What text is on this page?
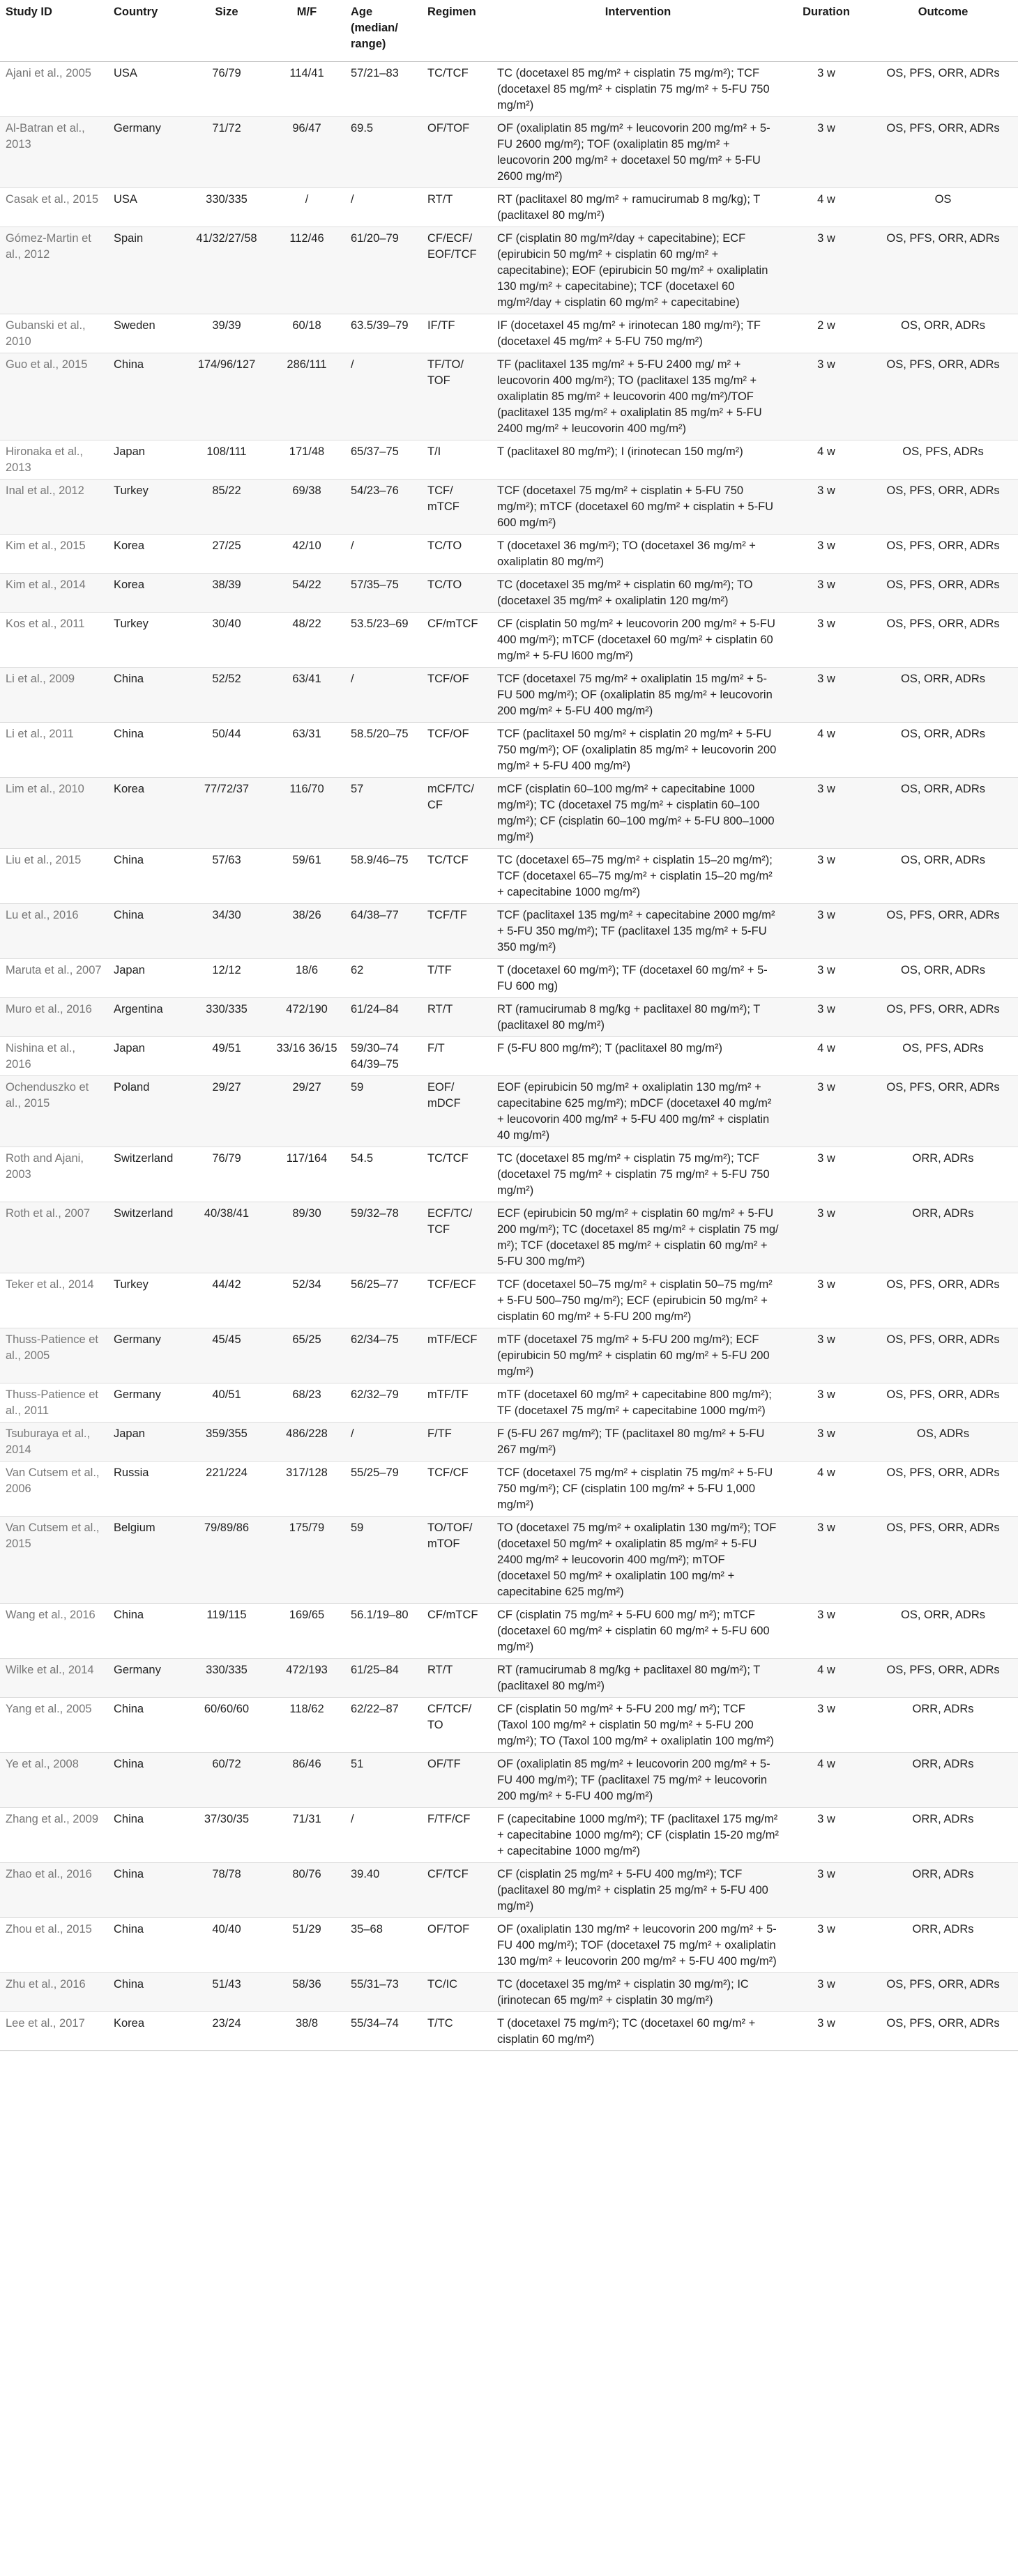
Study ID	Country	Size	M/F	Age (median/ range)	Regimen	Intervention	Duration	Outcome
Ajani et al., 2005	USA	76/79	114/41	57/21–83	TC/TCF	TC (docetaxel 85 mg/m² + cisplatin 75 mg/m²); TCF (docetaxel 85 mg/m² + cisplatin 75 mg/m² + 5-FU 750 mg/m²)	3 w	OS, PFS, ORR, ADRs
Al-Batran et al., 2013	Germany	71/72	96/47	69.5	OF/TOF	OF (oxaliplatin 85 mg/m² + leucovorin 200 mg/m² + 5-FU 2600 mg/m²); TOF (oxaliplatin 85 mg/m² + leucovorin 200 mg/m² + docetaxel 50 mg/m² + 5-FU 2600 mg/m²)	3 w	OS, PFS, ORR, ADRs
Casak et al., 2015	USA	330/335	/	/	RT/T	RT (paclitaxel 80 mg/m² + ramucirumab 8 mg/kg); T (paclitaxel 80 mg/m²)	4 w	OS
Gómez-Martin et al., 2012	Spain	41/32/27/58	112/46	61/20–79	CF/ECF/ EOF/TCF	CF (cisplatin 80 mg/m²/day + capecitabine); ECF (epirubicin 50 mg/m² + cisplatin 60 mg/m² + capecitabine); EOF (epirubicin 50 mg/m² + oxaliplatin 130 mg/m² + capecitabine); TCF (docetaxel 60 mg/m²/day + cisplatin 60 mg/m² + capecitabine)	3 w	OS, PFS, ORR, ADRs
Gubanski et al., 2010	Sweden	39/39	60/18	63.5/39–79	IF/TF	IF (docetaxel 45 mg/m² + irinotecan 180 mg/m²); TF (docetaxel 45 mg/m² + 5-FU 750 mg/m²)	2 w	OS, ORR, ADRs
Guo et al., 2015	China	174/96/127	286/111	/	TF/TO/ TOF	TF (paclitaxel 135 mg/m² + 5-FU 2400 mg/ m² + leucovorin 400 mg/m²); TO (paclitaxel 135 mg/m² + oxaliplatin 85 mg/m² + leucovorin 400 mg/m²)/TOF (paclitaxel 135 mg/m² + oxaliplatin 85 mg/m² + 5-FU 2400 mg/m² + leucovorin 400 mg/m²)	3 w	OS, PFS, ORR, ADRs
Hironaka et al., 2013	Japan	108/111	171/48	65/37–75	T/I	T (paclitaxel 80 mg/m²); I (irinotecan 150 mg/m²)	4 w	OS, PFS, ADRs
Inal et al., 2012	Turkey	85/22	69/38	54/23–76	TCF/ mTCF	TCF (docetaxel 75 mg/m² + cisplatin + 5-FU 750 mg/m²); mTCF (docetaxel 60 mg/m² + cisplatin + 5-FU 600 mg/m²)	3 w	OS, PFS, ORR, ADRs
Kim et al., 2015	Korea	27/25	42/10	/	TC/TO	T (docetaxel 36 mg/m²); TO (docetaxel 36 mg/m² + oxaliplatin 80 mg/m²)	3 w	OS, PFS, ORR, ADRs
Kim et al., 2014	Korea	38/39	54/22	57/35–75	TC/TO	TC (docetaxel 35 mg/m² + cisplatin 60 mg/m²); TO (docetaxel 35 mg/m² + oxaliplatin 120 mg/m²)	3 w	OS, PFS, ORR, ADRs
Kos et al., 2011	Turkey	30/40	48/22	53.5/23–69	CF/mTCF	CF (cisplatin 50 mg/m² + leucovorin 200 mg/m² + 5-FU 400 mg/m²); mTCF (docetaxel 60 mg/m² + cisplatin 60 mg/m² + 5-FU l600 mg/m²)	3 w	OS, PFS, ORR, ADRs
Li et al., 2009	China	52/52	63/41	/	TCF/OF	TCF (docetaxel 75 mg/m² + oxaliplatin 15 mg/m² + 5-FU 500 mg/m²); OF (oxaliplatin 85 mg/m² + leucovorin 200 mg/m² + 5-FU 400 mg/m²)	3 w	OS, ORR, ADRs
Li et al., 2011	China	50/44	63/31	58.5/20–75	TCF/OF	TCF (paclitaxel 50 mg/m² + cisplatin 20 mg/m² + 5-FU 750 mg/m²); OF (oxaliplatin 85 mg/m² + leucovorin 200 mg/m² + 5-FU 400 mg/m²)	4 w	OS, ORR, ADRs
Lim et al., 2010	Korea	77/72/37	116/70	57	mCF/TC/ CF	mCF (cisplatin 60–100 mg/m² + capecitabine 1000 mg/m²); TC (docetaxel 75 mg/m² + cisplatin 60–100 mg/m²); CF (cisplatin 60–100 mg/m² + 5-FU 800–1000 mg/m²)	3 w	OS, ORR, ADRs
Liu et al., 2015	China	57/63	59/61	58.9/46–75	TC/TCF	TC (docetaxel 65–75 mg/m² + cisplatin 15–20 mg/m²); TCF (docetaxel 65–75 mg/m² + cisplatin 15–20 mg/m² + capecitabine 1000 mg/m²)	3 w	OS, ORR, ADRs
Lu et al., 2016	China	34/30	38/26	64/38–77	TCF/TF	TCF (paclitaxel 135 mg/m² + capecitabine 2000 mg/m² + 5-FU 350 mg/m²); TF (paclitaxel 135 mg/m² + 5-FU 350 mg/m²)	3 w	OS, PFS, ORR, ADRs
Maruta et al., 2007	Japan	12/12	18/6	62	T/TF	T (docetaxel 60 mg/m²); TF (docetaxel 60 mg/m² + 5-FU 600 mg)	3 w	OS, ORR, ADRs
Muro et al., 2016	Argentina	330/335	472/190	61/24–84	RT/T	RT (ramucirumab 8 mg/kg + paclitaxel 80 mg/m²); T (paclitaxel 80 mg/m²)	3 w	OS, PFS, ORR, ADRs
Nishina et al., 2016	Japan	49/51	33/16 36/15	59/30–74 64/39–75	F/T	F (5-FU 800 mg/m²); T (paclitaxel 80 mg/m²)	4 w	OS, PFS, ADRs
Ochenduszko et al., 2015	Poland	29/27	29/27	59	EOF/ mDCF	EOF (epirubicin 50 mg/m² + oxaliplatin 130 mg/m² + capecitabine 625 mg/m²); mDCF (docetaxel 40 mg/m² + leucovorin 400 mg/m² + 5-FU 400 mg/m² + cisplatin 40 mg/m²)	3 w	OS, PFS, ORR, ADRs
Roth and Ajani, 2003	Switzerland	76/79	117/164	54.5	TC/TCF	TC (docetaxel 85 mg/m² + cisplatin 75 mg/m²); TCF (docetaxel 75 mg/m² + cisplatin 75 mg/m² + 5-FU 750 mg/m²)	3 w	ORR, ADRs
Roth et al., 2007	Switzerland	40/38/41	89/30	59/32–78	ECF/TC/ TCF	ECF (epirubicin 50 mg/m² + cisplatin 60 mg/m² + 5-FU 200 mg/m²); TC (docetaxel 85 mg/m² + cisplatin 75 mg/ m²); TCF (docetaxel 85 mg/m² + cisplatin 60 mg/m² + 5-FU 300 mg/m²)	3 w	ORR, ADRs
Teker et al., 2014	Turkey	44/42	52/34	56/25–77	TCF/ECF	TCF (docetaxel 50–75 mg/m² + cisplatin 50–75 mg/m² + 5-FU 500–750 mg/m²); ECF (epirubicin 50 mg/m² + cisplatin 60 mg/m² + 5-FU 200 mg/m²)	3 w	OS, PFS, ORR, ADRs
Thuss-Patience et al., 2005	Germany	45/45	65/25	62/34–75	mTF/ECF	mTF (docetaxel 75 mg/m² + 5-FU 200 mg/m²); ECF (epirubicin 50 mg/m² + cisplatin 60 mg/m² + 5-FU 200 mg/m²)	3 w	OS, PFS, ORR, ADRs
Thuss-Patience et al., 2011	Germany	40/51	68/23	62/32–79	mTF/TF	mTF (docetaxel 60 mg/m² + capecitabine 800 mg/m²); TF (docetaxel 75 mg/m² + capecitabine 1000 mg/m²)	3 w	OS, PFS, ORR, ADRs
Tsuburaya et al., 2014	Japan	359/355	486/228	/	F/TF	F (5-FU 267 mg/m²); TF (paclitaxel 80 mg/m² + 5-FU 267 mg/m²)	3 w	OS, ADRs
Van Cutsem et al., 2006	Russia	221/224	317/128	55/25–79	TCF/CF	TCF (docetaxel 75 mg/m² + cisplatin 75 mg/m² + 5-FU 750 mg/m²); CF (cisplatin 100 mg/m² + 5-FU 1,000 mg/m²)	4 w	OS, PFS, ORR, ADRs
Van Cutsem et al., 2015	Belgium	79/89/86	175/79	59	TO/TOF/ mTOF	TO (docetaxel 75 mg/m² + oxaliplatin 130 mg/m²); TOF (docetaxel 50 mg/m² + oxaliplatin 85 mg/m² + 5-FU 2400 mg/m² + leucovorin 400 mg/m²); mTOF (docetaxel 50 mg/m² + oxaliplatin 100 mg/m² + capecitabine 625 mg/m²)	3 w	OS, PFS, ORR, ADRs
Wang et al., 2016	China	119/115	169/65	56.1/19–80	CF/mTCF	CF (cisplatin 75 mg/m² + 5-FU 600 mg/ m²); mTCF (docetaxel 60 mg/m² + cisplatin 60 mg/m² + 5-FU 600 mg/m²)	3 w	OS, ORR, ADRs
Wilke et al., 2014	Germany	330/335	472/193	61/25–84	RT/T	RT (ramucirumab 8 mg/kg + paclitaxel 80 mg/m²); T (paclitaxel 80 mg/m²)	4 w	OS, PFS, ORR, ADRs
Yang et al., 2005	China	60/60/60	118/62	62/22–87	CF/TCF/ TO	CF (cisplatin 50 mg/m² + 5-FU 200 mg/ m²); TCF (Taxol 100 mg/m² + cisplatin 50 mg/m² + 5-FU 200 mg/m²); TO (Taxol 100 mg/m² + oxaliplatin 100 mg/m²)	3 w	ORR, ADRs
Ye et al., 2008	China	60/72	86/46	51	OF/TF	OF (oxaliplatin 85 mg/m² + leucovorin 200 mg/m² + 5-FU 400 mg/m²); TF (paclitaxel 75 mg/m² + leucovorin 200 mg/m² + 5-FU 400 mg/m²)	4 w	ORR, ADRs
Zhang et al., 2009	China	37/30/35	71/31	/	F/TF/CF	F (capecitabine 1000 mg/m²); TF (paclitaxel 175 mg/m² + capecitabine 1000 mg/m²); CF (cisplatin 15-20 mg/m² + capecitabine 1000 mg/m²)	3 w	ORR, ADRs
Zhao et al., 2016	China	78/78	80/76	39.40	CF/TCF	CF (cisplatin 25 mg/m² + 5-FU 400 mg/m²); TCF (paclitaxel 80 mg/m² + cisplatin 25 mg/m² + 5-FU 400 mg/m²)	3 w	ORR, ADRs
Zhou et al., 2015	China	40/40	51/29	35–68	OF/TOF	OF (oxaliplatin 130 mg/m² + leucovorin 200 mg/m² + 5-FU 400 mg/m²); TOF (docetaxel 75 mg/m² + oxaliplatin 130 mg/m² + leucovorin 200 mg/m² + 5-FU 400 mg/m²)	3 w	ORR, ADRs
Zhu et al., 2016	China	51/43	58/36	55/31–73	TC/IC	TC (docetaxel 35 mg/m² + cisplatin 30 mg/m²); IC (irinotecan 65 mg/m² + cisplatin 30 mg/m²)	3 w	OS, PFS, ORR, ADRs
Lee et al., 2017	Korea	23/24	38/8	55/34–74	T/TC	T (docetaxel 75 mg/m²); TC (docetaxel 60 mg/m² + cisplatin 60 mg/m²)	3 w	OS, PFS, ORR, ADRs
